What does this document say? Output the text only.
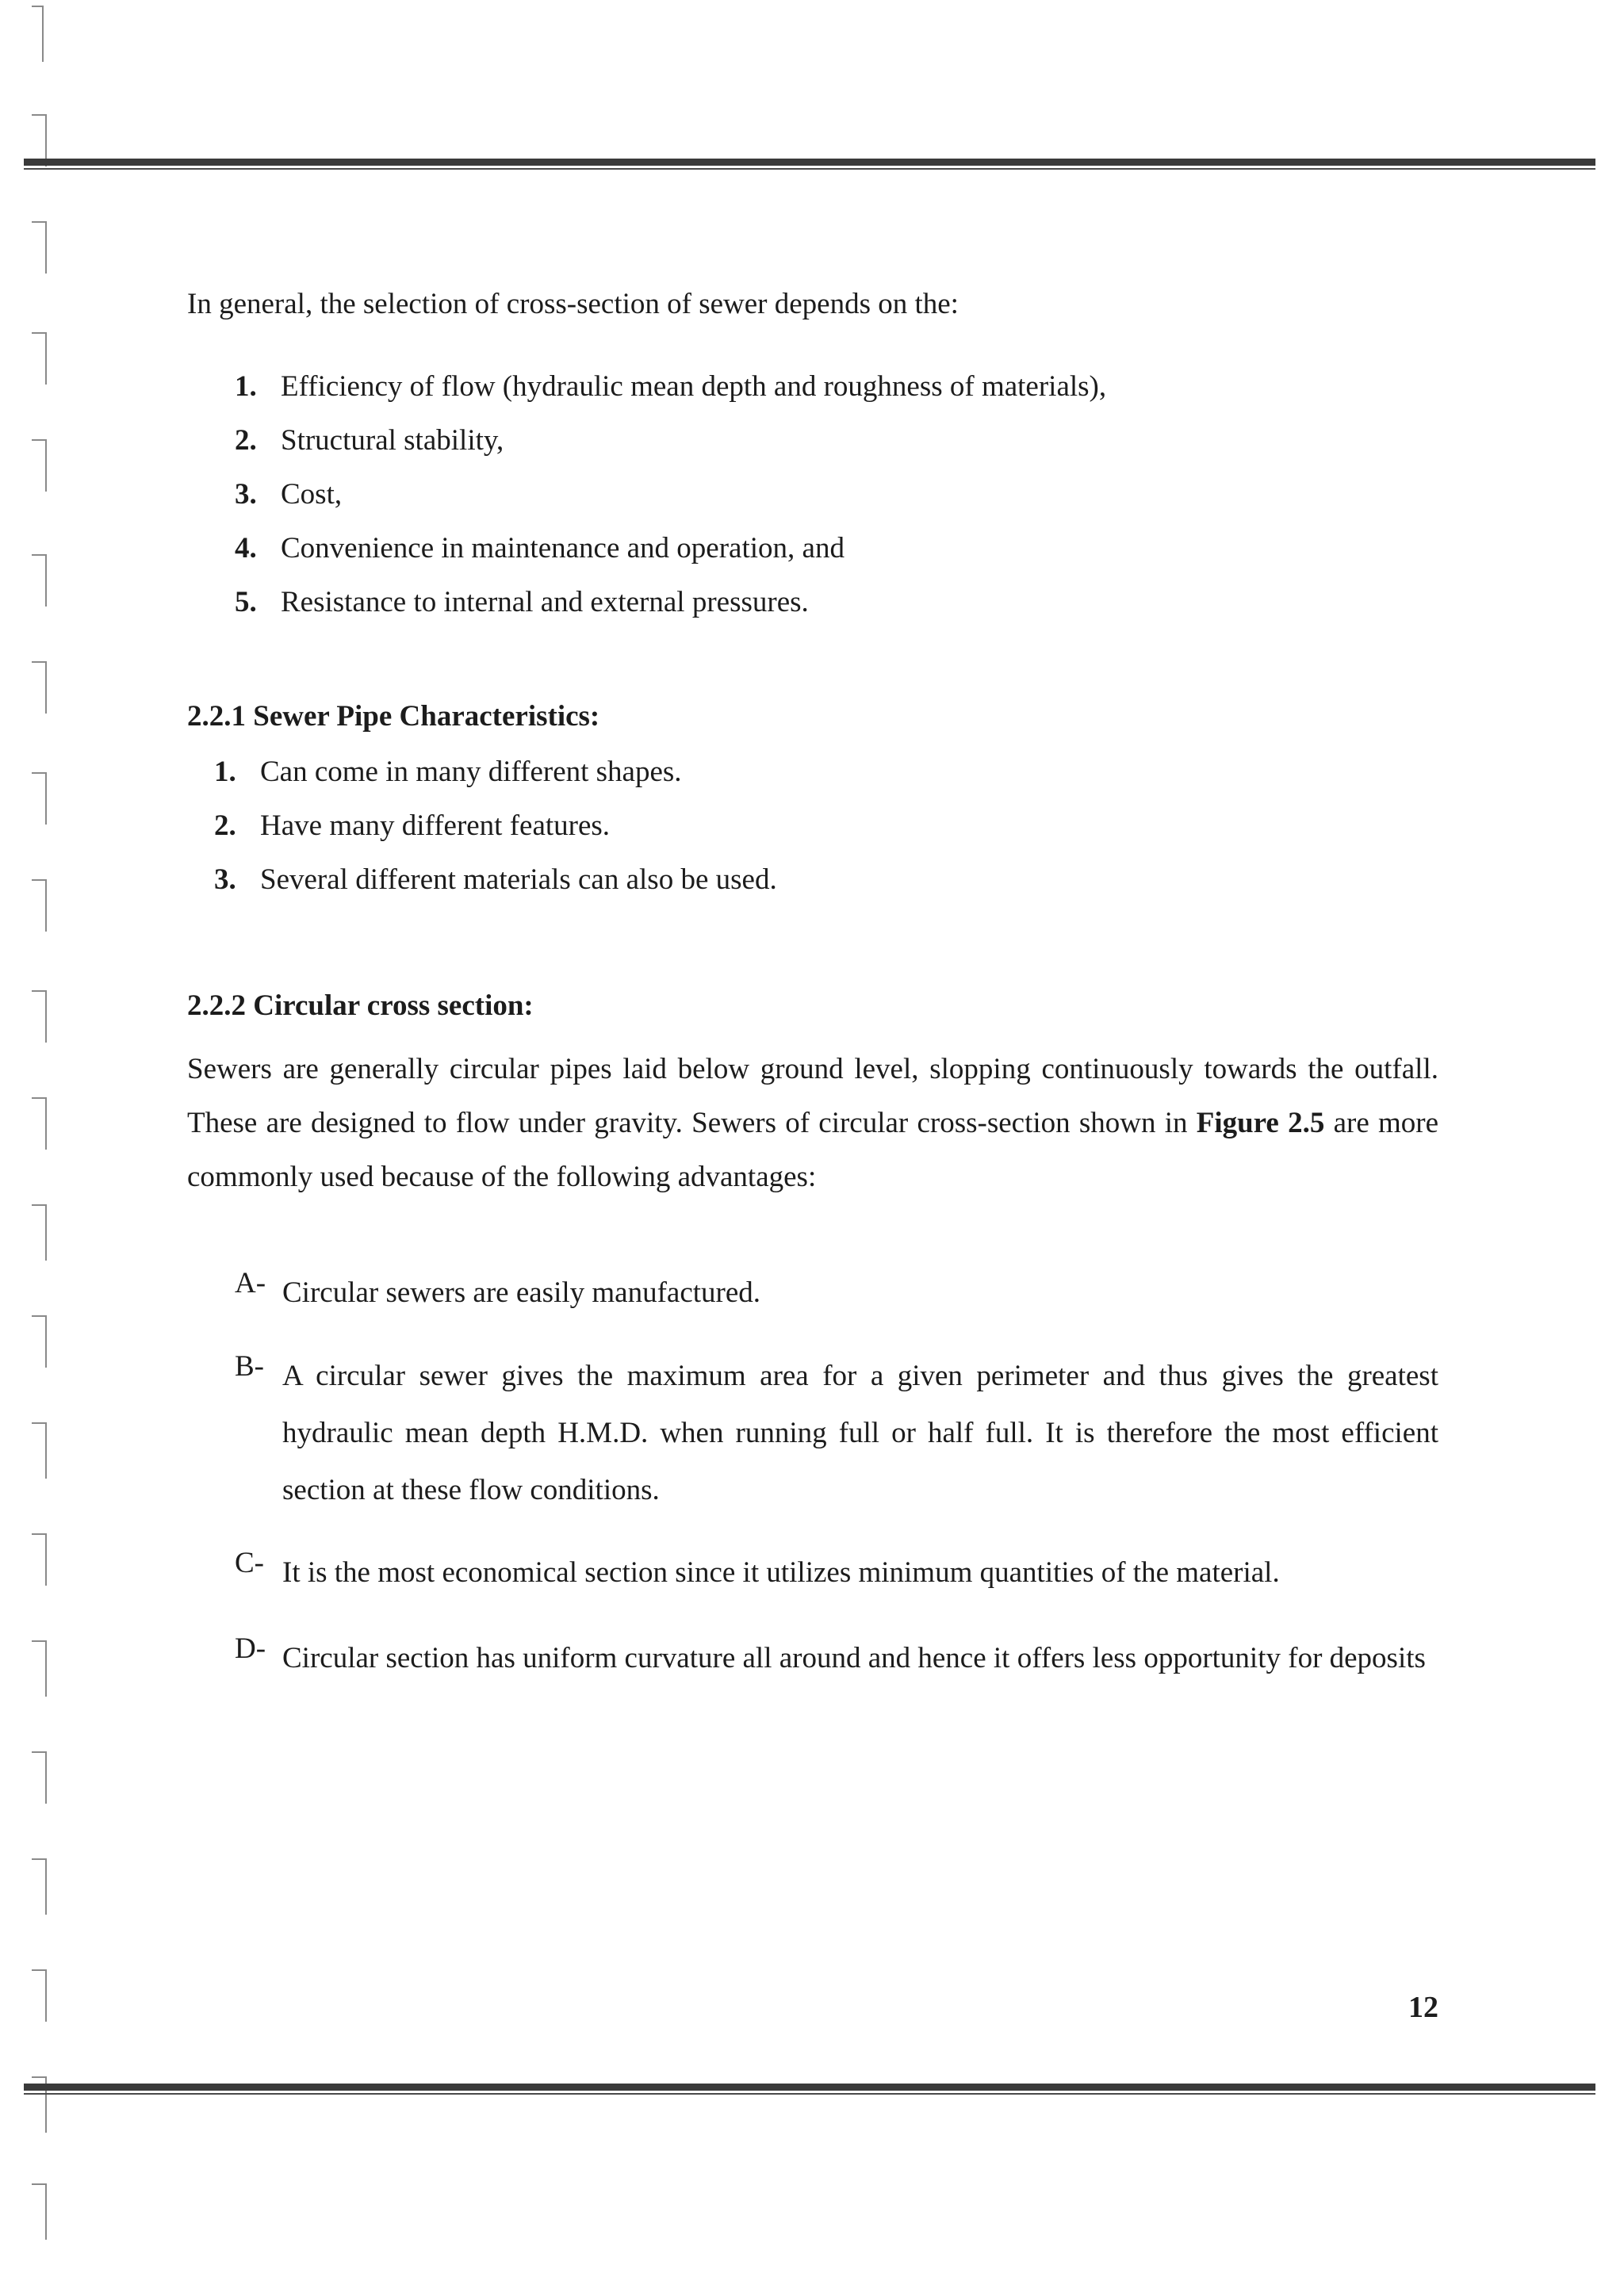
In general, the selection of cross-section of sewer depends on the:

1. Efficiency of flow (hydraulic mean depth and roughness of materials),
2. Structural stability,
3. Cost,
4. Convenience in maintenance and operation, and
5. Resistance to internal and external pressures.
2.2.1 Sewer Pipe Characteristics:
1. Can come in many different shapes.
2. Have many different features.
3. Several different materials can also be used.
2.2.2 Circular cross section:

Sewers are generally circular pipes laid below ground level, slopping continuously towards the outfall. These are designed to flow under gravity. Sewers of circular cross-section shown in Figure 2.5 are more commonly used because of the following advantages:

A- Circular sewers are easily manufactured.

B- A circular sewer gives the maximum area for a given perimeter and thus gives the greatest hydraulic mean depth H.M.D. when running full or half full. It is therefore the most efficient section at these flow conditions.

C- It is the most economical section since it utilizes minimum quantities of the material.

D- Circular section has uniform curvature all around and hence it offers less opportunity for deposits

12
